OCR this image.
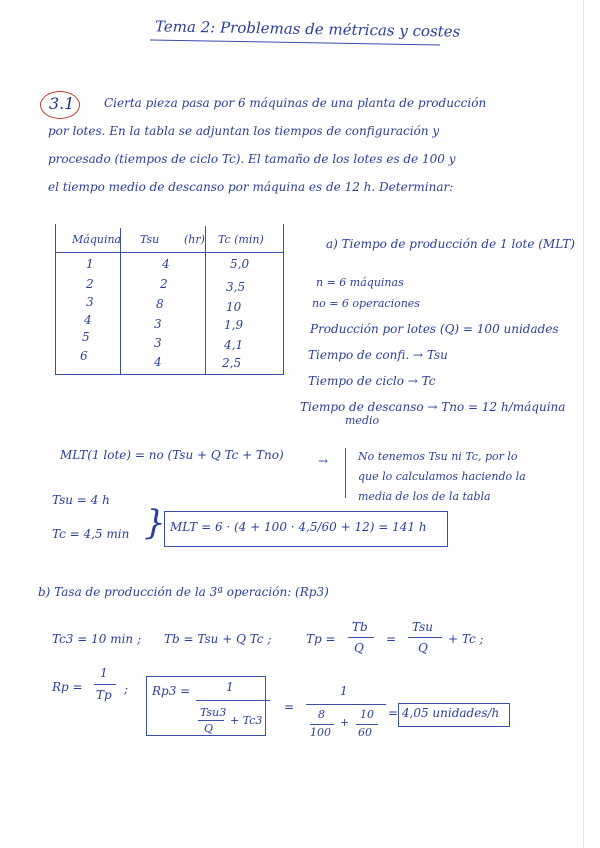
Tema 2: Problemas de métricas y costes
3.1 Cierta pieza pasa por 6 máquinas de una planta de producción
por lotes. En la tabla se adjuntan los tiempos de configuración y
procesado (tiempos de ciclo Tc). El tamaño de los lotes es de 100 y
el tiempo medio de descanso por máquina es de 12 h. Determinar:
Máquina Tsu (hr) Tc (min)
1	4	5,0
2	2	3,5
3	8	10
4	3	1,9
5	3	4,1
6	4	2,5
a) Tiempo de producción de 1 lote (MLT)
n = 6 máquinas
no = 6 operaciones
Producción por lotes (Q) = 100 unidades
Tiempo de confi. → Tsu
Tiempo de ciclo → Tc
Tiempo de descanso → Tno = 12 h/máquina
medio
MLT(1 lote) = no (Tsu + Q Tc + Tno)	→	No tenemos Tsu ni Tc, por lo
que lo calculamos haciendo la
media de los de la tabla
Tsu = 4 h
Tc = 4,5 min } MLT = 6 · (4 + 100 · 4,5/60 + 12) = 141 h
b) Tasa de producción de la 3ª operación: (Rp3)
Tc3 = 10 min ; Tb = Tsu + Q Tc ;	Tp =
Tb
Q
=
Tsu
Q
+ Tc ;
Rp =
1
Tp ; Rp3 =	1
Tsu3
Q
+ Tc3
=
1
8
100
+
10
60
= 4,05 unidades/h
